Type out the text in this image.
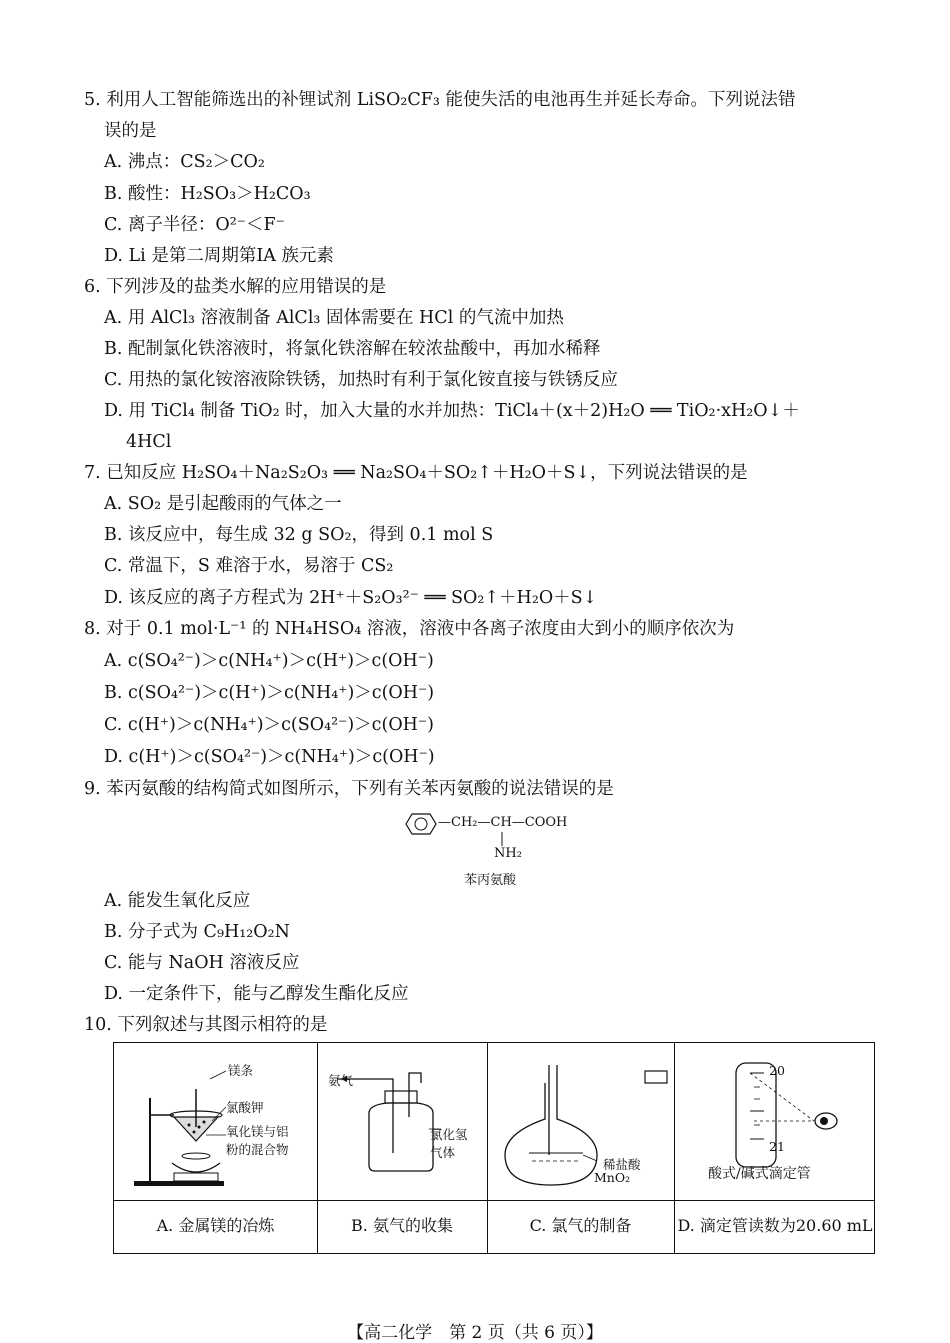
5. 利用人工智能筛选出的补锂试剂 LiSO₂CF₃ 能使失活的电池再生并延长寿命。下列说法错
误的是
A. 沸点：CS₂＞CO₂
B. 酸性：H₂SO₃＞H₂CO₃
C. 离子半径：O²⁻＜F⁻
D. Li 是第二周期第ⅠA 族元素
6. 下列涉及的盐类水解的应用错误的是
A. 用 AlCl₃ 溶液制备 AlCl₃ 固体需要在 HCl 的气流中加热
B. 配制氯化铁溶液时，将氯化铁溶解在较浓盐酸中，再加水稀释
C. 用热的氯化铵溶液除铁锈，加热时有利于氯化铵直接与铁锈反应
D. 用 TiCl₄ 制备 TiO₂ 时，加入大量的水并加热：TiCl₄＋(x＋2)H₂O ══ TiO₂·xH₂O↓＋
4HCl
7. 已知反应 H₂SO₄＋Na₂S₂O₃ ══ Na₂SO₄＋SO₂↑＋H₂O＋S↓，下列说法错误的是
A. SO₂ 是引起酸雨的气体之一
B. 该反应中，每生成 32 g SO₂，得到 0.1 mol S
C. 常温下，S 难溶于水，易溶于 CS₂
D. 该反应的离子方程式为 2H⁺＋S₂O₃²⁻ ══ SO₂↑＋H₂O＋S↓
8. 对于 0.1 mol·L⁻¹ 的 NH₄HSO₄ 溶液，溶液中各离子浓度由大到小的顺序依次为
A. c(SO₄²⁻)＞c(NH₄⁺)＞c(H⁺)＞c(OH⁻)
B. c(SO₄²⁻)＞c(H⁺)＞c(NH₄⁺)＞c(OH⁻)
C. c(H⁺)＞c(NH₄⁺)＞c(SO₄²⁻)＞c(OH⁻)
D. c(H⁺)＞c(SO₄²⁻)＞c(NH₄⁺)＞c(OH⁻)
9. 苯丙氨酸的结构简式如图所示，下列有关苯丙氨酸的说法错误的是
—CH₂—CH—COOH
NH₂
苯丙氨酸
A. 能发生氧化反应
B. 分子式为 C₉H₁₂O₂N
C. 能与 NaOH 溶液反应
D. 一定条件下，能与乙醇发生酯化反应
10. 下列叙述与其图示相符的是
镁条
氯酸钾
氧化镁与铝
粉的混合物
A. 金属镁的冶炼
氨气
氯化氢
气体
B. 氨气的收集
稀盐酸
MnO₂
C. 氯气的制备
20
21
酸式/碱式滴定管
D. 滴定管读数为20.60 mL
【高二化学　第 2 页（共 6 页）】
